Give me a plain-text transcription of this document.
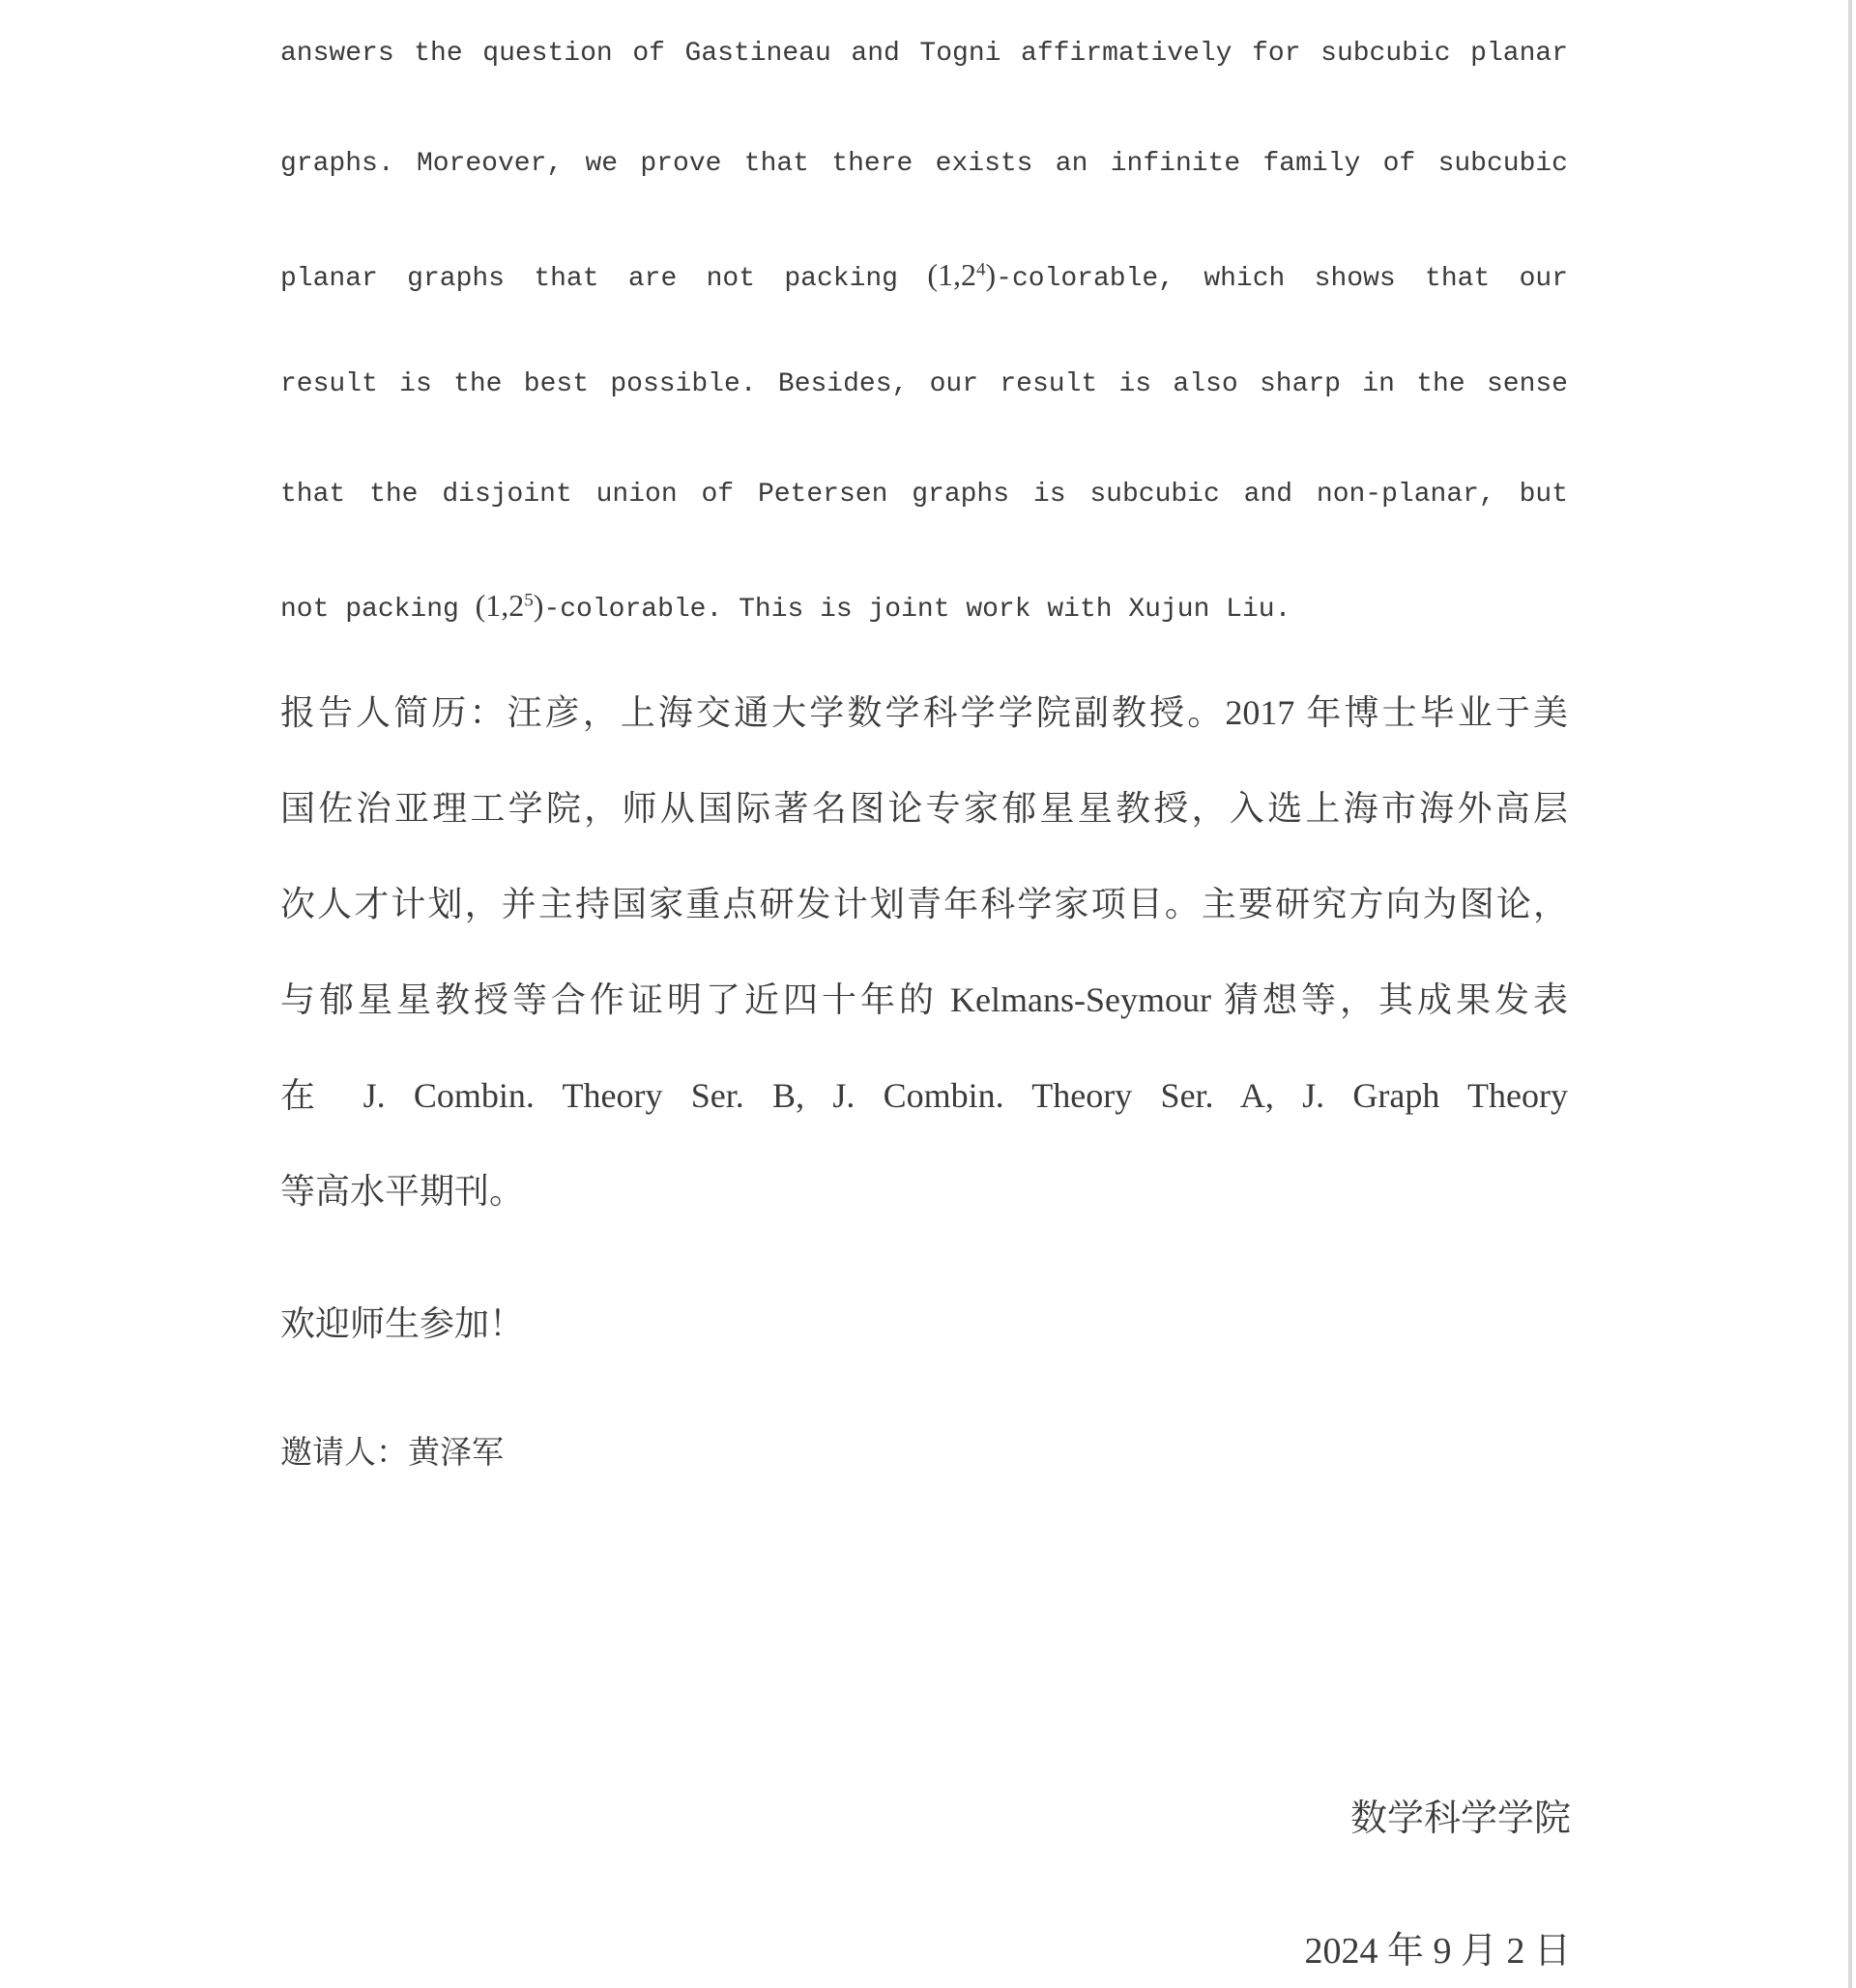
answers the question of Gastineau and Togni affirmatively for subcubic planar
graphs. Moreover, we prove that there exists an infinite family of subcubic
planar graphs that are not packing $(1,2^4)$-colorable, which shows that our
result is the best possible. Besides, our result is also sharp in the sense
that the disjoint union of Petersen graphs is subcubic and non-planar, but
not packing $(1,2^5)$-colorable. This is joint work with Xujun Liu.
报告人简历：汪彦，上海交通大学数学科学学院副教授。2017 年博士毕业于美
国佐治亚理工学院，师从国际著名图论专家郁星星教授，入选上海市海外高层
次人才计划，并主持国家重点研发计划青年科学家项目。主要研究方向为图论，
与郁星星教授等合作证明了近四十年的 Kelmans-Seymour 猜想等，其成果发表
在 J. Combin. Theory Ser. B, J. Combin. Theory Ser. A, J. Graph Theory
等高水平期刊。
欢迎师生参加！
邀请人：黄泽军
数学科学学院
2024 年 9 月 2 日
